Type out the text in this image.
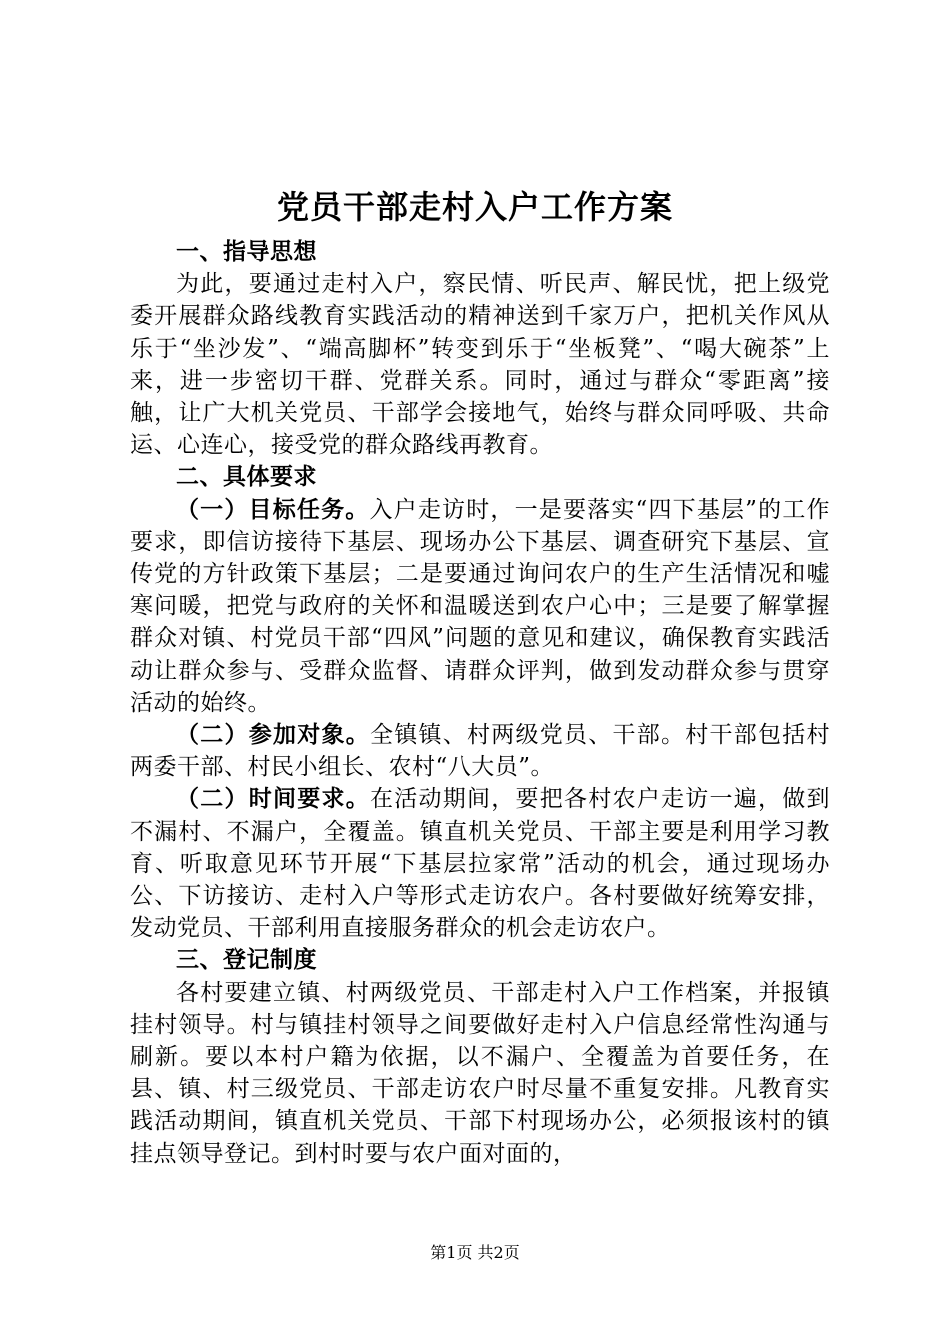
党员干部走村入户工作方案
一、指导思想

为此，要通过走村入户，察民情、听民声、解民忧，把上级党委开展群众路线教育实践活动的精神送到千家万户，把机关作风从乐于“坐沙发”、“端高脚杯”转变到乐于“坐板凳”、“喝大碗茶”上来，进一步密切干群、党群关系。同时，通过与群众“零距离”接触，让广大机关党员、干部学会接地气，始终与群众同呼吸、共命运、心连心，接受党的群众路线再教育。

二、具体要求

（一）目标任务。入户走访时，一是要落实“四下基层”的工作要求，即信访接待下基层、现场办公下基层、调查研究下基层、宣传党的方针政策下基层；二是要通过询问农户的生产生活情况和嘘寒问暖，把党与政府的关怀和温暖送到农户心中；三是要了解掌握群众对镇、村党员干部“四风”问题的意见和建议，确保教育实践活动让群众参与、受群众监督、请群众评判，做到发动群众参与贯穿活动的始终。

（二）参加对象。全镇镇、村两级党员、干部。村干部包括村两委干部、村民小组长、农村“八大员”。

（二）时间要求。在活动期间，要把各村农户走访一遍，做到不漏村、不漏户，全覆盖。镇直机关党员、干部主要是利用学习教育、听取意见环节开展“下基层拉家常”活动的机会，通过现场办公、下访接访、走村入户等形式走访农户。各村要做好统筹安排，发动党员、干部利用直接服务群众的机会走访农户。

三、登记制度

各村要建立镇、村两级党员、干部走村入户工作档案，并报镇挂村领导。村与镇挂村领导之间要做好走村入户信息经常性沟通与刷新。要以本村户籍为依据，以不漏户、全覆盖为首要任务，在县、镇、村三级党员、干部走访农户时尽量不重复安排。凡教育实践活动期间，镇直机关党员、干部下村现场办公，必须报该村的镇挂点领导登记。到村时要与农户面对面的，

第1页 共2页
